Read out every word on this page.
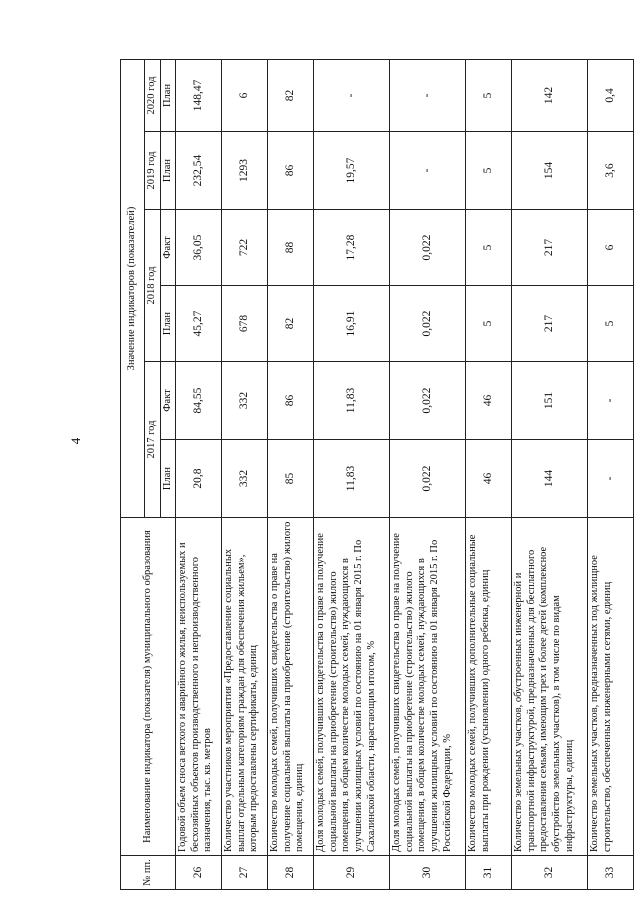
4
№ пп.	Наименование индикатора (показателя) муниципального образования	Значение индикаторов (показателей)					
		2017 год		2018 год		2019 год	2020 год
		План	Факт	План	Факт	План	План
26	Годовой объем сноса ветхого и аварийного жилья, неиспользуемых и бесхозяйных объектов производственного и непроизводственного назначения, тыс. кв. метров	20,8	84,55	45,27	36,05	232,54	148,47
27	Количество участников мероприятия «Предоставление социальных выплат отдельным категориям граждан для обеспечения жильем», которым предоставлены сертификаты, единиц	332	332	678	722	1293	6
28	Количество молодых семей, получивших свидетельства о праве на получение социальной выплаты на приобретение (строительство) жилого помещения, единиц	85	86	82	88	86	82
29	Доля молодых семей, получивших свидетельства о праве на получение социальной выплаты на приобретение (строительство) жилого помещения, в общем количестве молодых семей, нуждающихся в улучшении жилищных условий по состоянию на 01 января 2015 г. По Сахалинской области, нарастающим итогом, %	11,83	11,83	16,91	17,28	19,57	-
30	Доля молодых семей, получивших свидетельства о праве на получение социальной выплаты на приобретение (строительство) жилого помещения, в общем количестве молодых семей, нуждающихся в улучшении жилищных условий по состоянию на 01 января 2015 г. По Российской Федерации, %	0,022	0,022	0,022	0,022	-	-
31	Количество молодых семей, получивших дополнительные социальные выплаты при рождении (усыновлении) одного ребенка, единиц	46	46	5	5	5	5
32	Количество земельных участков, обустроенных инженерной и транспортной инфраструктурой, предназначенных для бесплатного предоставления семьям, имеющим трех и более детей (комплексное обустройство земельных участков), в том числе по видам инфраструктуры, единиц	144	151	217	217	154	142
33	Количество земельных участков, предназначенных под жилищное строительство, обеспеченных инженерными сетями, единиц	-	-	5	6	3,6	0,4
